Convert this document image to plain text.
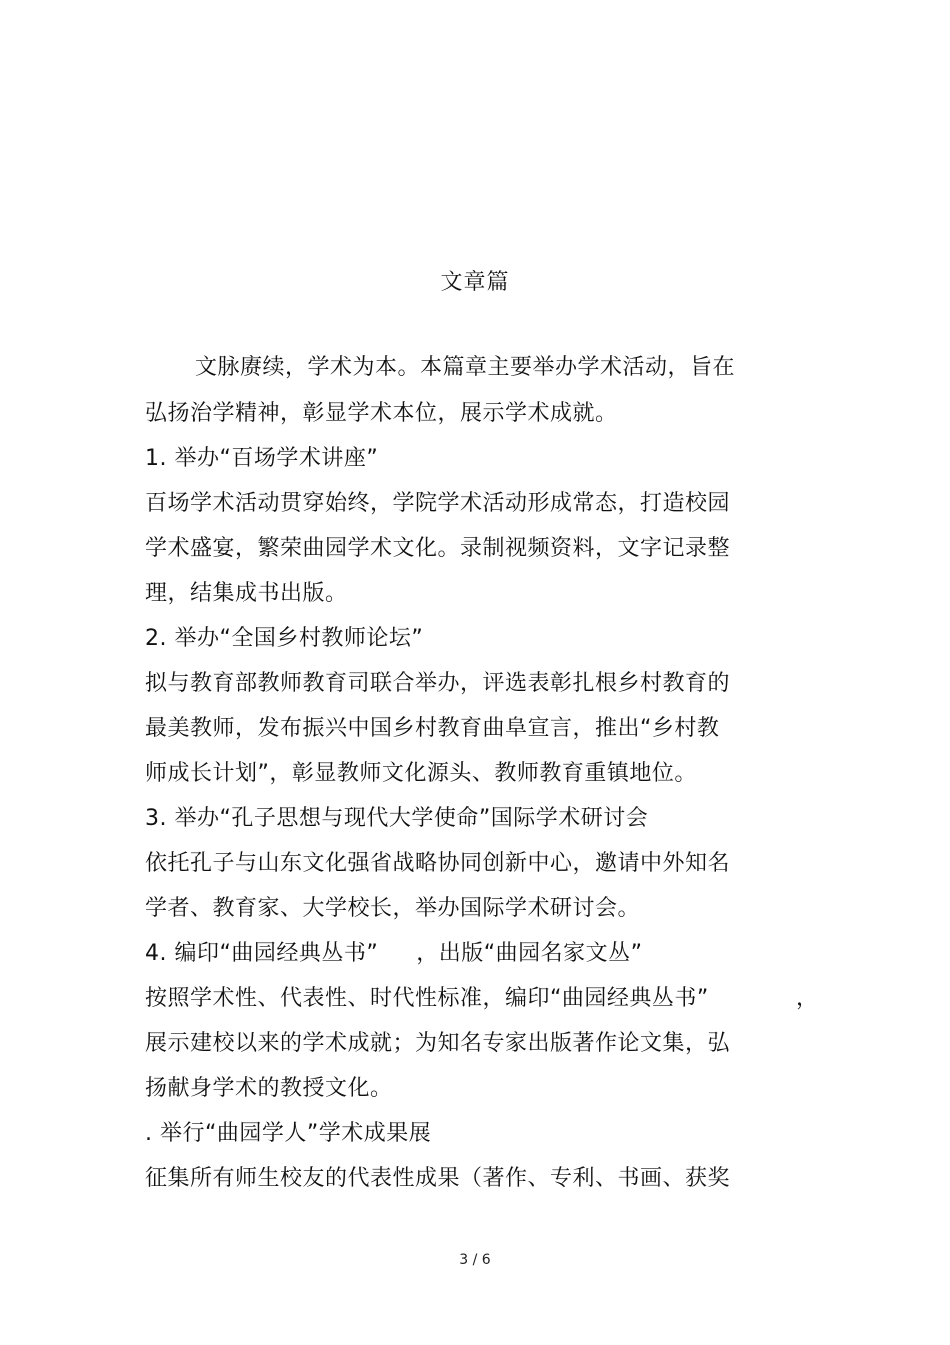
文章篇
文脉赓续，学术为本。本篇章主要举办学术活动，旨在
弘扬治学精神，彰显学术本位，展示学术成就。
1. 举办“百场学术讲座”
百场学术活动贯穿始终，学院学术活动形成常态，打造校园
学术盛宴，繁荣曲园学术文化。录制视频资料，文字记录整
理，结集成书出版。
2. 举办“全国乡村教师论坛”
拟与教育部教师教育司联合举办，评选表彰扎根乡村教育的
最美教师，发布振兴中国乡村教育曲阜宣言，推出“乡村教
师成长计划”，彰显教师文化源头、教师教育重镇地位。
3. 举办“孔子思想与现代大学使命”国际学术研讨会
依托孔子与山东文化强省战略协同创新中心，邀请中外知名
学者、教育家、大学校长，举办国际学术研讨会。
4. 编印“曲园经典丛书” ，出版“曲园名家文丛”
按照学术性、代表性、时代性标准，编印“曲园经典丛书”	，
展示建校以来的学术成就；为知名专家出版著作论文集，弘
扬献身学术的教授文化。
. 举行“曲园学人”学术成果展
征集所有师生校友的代表性成果（著作、专利、书画、获奖
3 / 6
